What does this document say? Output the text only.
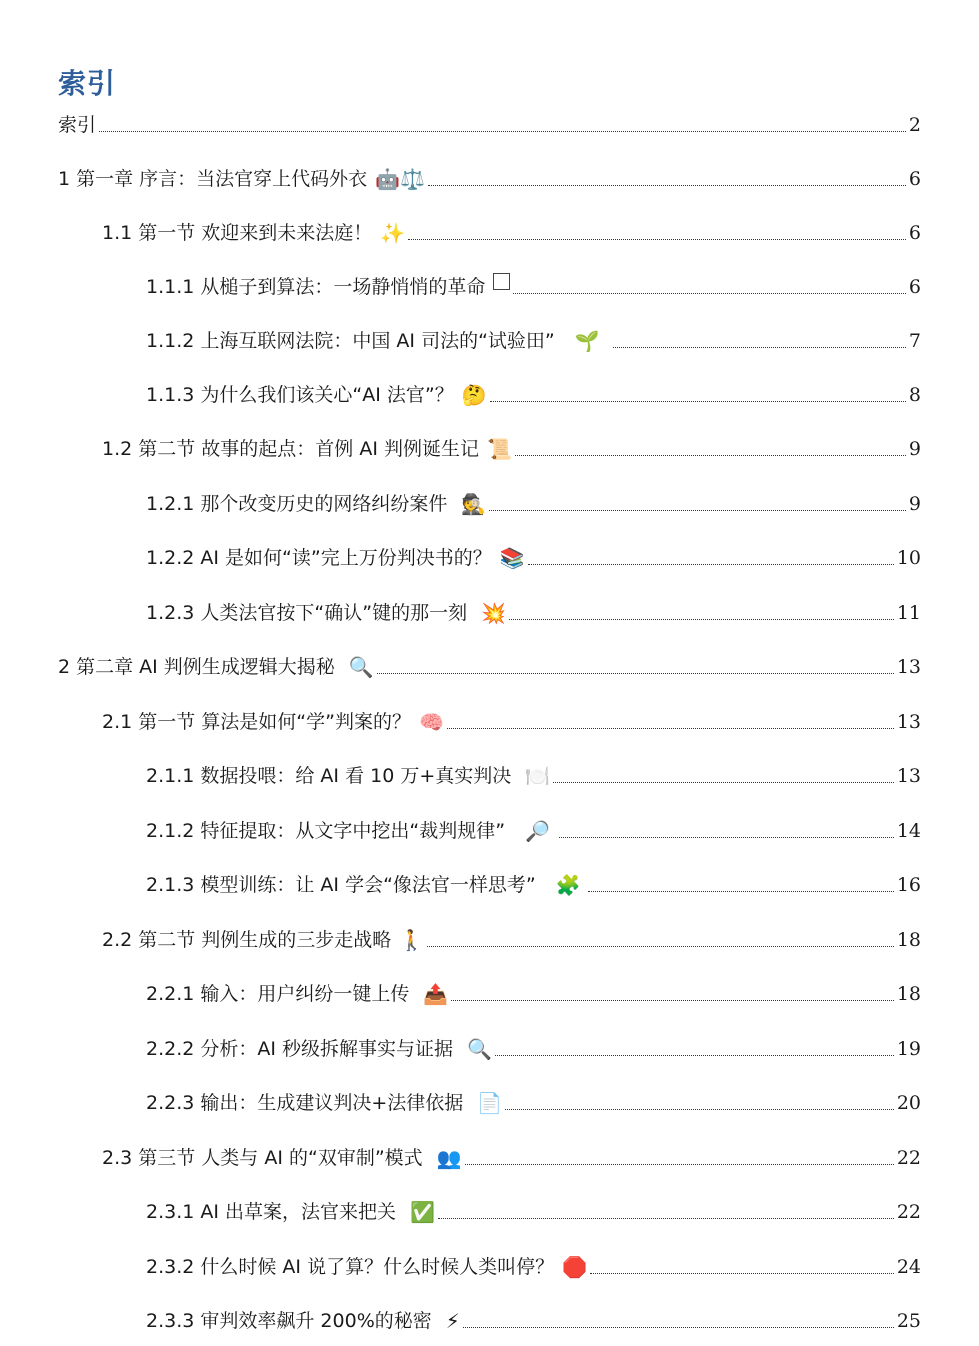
索引
索引	2
1 第一章 序言：当法官穿上代码外衣 🤖⚖️	6
1.1 第一节 欢迎来到未来法庭！ ✨	6
1.1.1 从槌子到算法：一场静悄悄的革命	6
1.1.2 上海互联网法院：中国 AI 司法的“试验田” 🌱	7
1.1.3 为什么我们该关心“AI 法官”？ 🤔	8
1.2 第二节 故事的起点：首例 AI 判例诞生记 📜	9
1.2.1 那个改变历史的网络纠纷案件 🕵️	9
1.2.2 AI 是如何“读”完上万份判决书的？ 📚	10
1.2.3 人类法官按下“确认”键的那一刻 💥	11
2 第二章 AI 判例生成逻辑大揭秘 🔍	13
2.1 第一节 算法是如何“学”判案的？ 🧠	13
2.1.1 数据投喂：给 AI 看 10 万+真实判决 🍽️	13
2.1.2 特征提取：从文字中挖出“裁判规律” 🔎	14
2.1.3 模型训练：让 AI 学会“像法官一样思考” 🧩	16
2.2 第二节 判例生成的三步走战略 🚶	18
2.2.1 输入：用户纠纷一键上传 📤	18
2.2.2 分析：AI 秒级拆解事实与证据 🔍	19
2.2.3 输出：生成建议判决+法律依据 📄	20
2.3 第三节 人类与 AI 的“双审制”模式 👥	22
2.3.1 AI 出草案，法官来把关 ✅	22
2.3.2 什么时候 AI 说了算？什么时候人类叫停？ 🛑	24
2.3.3 审判效率飙升 200%的秘密 ⚡	25
